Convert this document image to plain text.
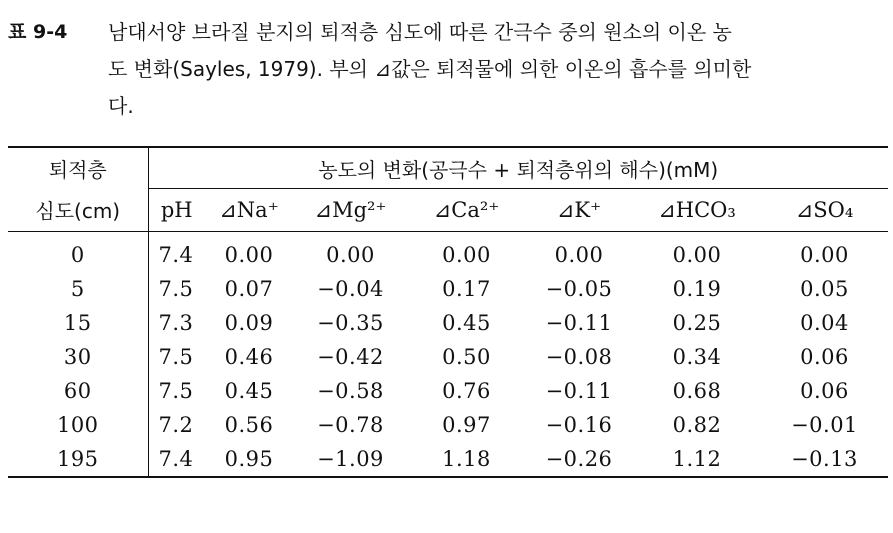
표 9-4	남대서양 브라질 분지의 퇴적층 심도에 따른 간극수 중의 원소의 이온 농
도 변화(Sayles, 1979). 부의 ⊿값은 퇴적물에 의한 이온의 흡수를 의미한
다.
퇴적층	농도의 변화(공극수 + 퇴적층위의 해수)(mM)						
심도(cm)	pH	⊿Na⁺	⊿Mg²⁺	⊿Ca²⁺	⊿K⁺	⊿HCO₃	⊿SO₄
0	7.4	0.00	0.00	0.00	0.00	0.00	0.00
5	7.5	0.07	−0.04	0.17	−0.05	0.19	0.05
15	7.3	0.09	−0.35	0.45	−0.11	0.25	0.04
30	7.5	0.46	−0.42	0.50	−0.08	0.34	0.06
60	7.5	0.45	−0.58	0.76	−0.11	0.68	0.06
100	7.2	0.56	−0.78	0.97	−0.16	0.82	−0.01
195	7.4	0.95	−1.09	1.18	−0.26	1.12	−0.13
